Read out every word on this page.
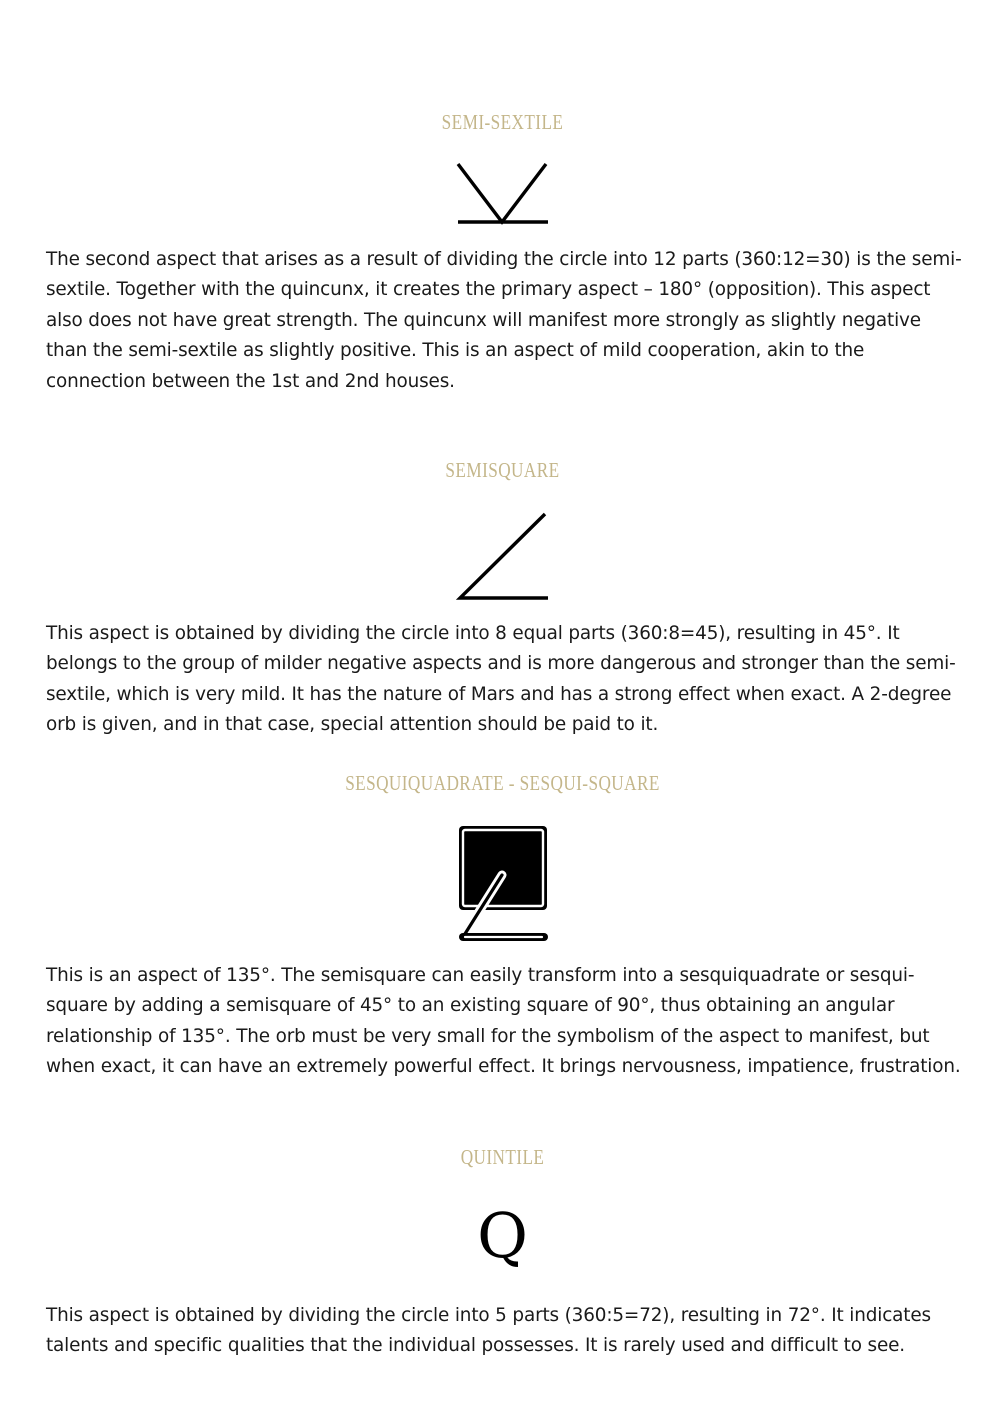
SEMI-SEXTILE
The second aspect that arises as a result of dividing the circle into 12 parts (360:12=30) is the semi-sextile. Together with the quincunx, it creates the primary aspect – 180° (opposition). This aspect also does not have great strength. The quincunx will manifest more strongly as slightly negative than the semi-sextile as slightly positive. This is an aspect of mild cooperation, akin to the connection between the 1st and 2nd houses.
SEMISQUARE
This aspect is obtained by dividing the circle into 8 equal parts (360:8=45), resulting in 45°. It belongs to the group of milder negative aspects and is more dangerous and stronger than the semi-sextile, which is very mild. It has the nature of Mars and has a strong effect when exact. A 2-degree orb is given, and in that case, special attention should be paid to it.
SESQUIQUADRATE - SESQUI-SQUARE
This is an aspect of 135°. The semisquare can easily transform into a sesquiquadrate or sesqui-square by adding a semisquare of 45° to an existing square of 90°, thus obtaining an angular relationship of 135°. The orb must be very small for the symbolism of the aspect to manifest, but when exact, it can have an extremely powerful effect. It brings nervousness, impatience, frustration.
QUINTILE
Q
This aspect is obtained by dividing the circle into 5 parts (360:5=72), resulting in 72°. It indicates talents and specific qualities that the individual possesses. It is rarely used and difficult to see.
